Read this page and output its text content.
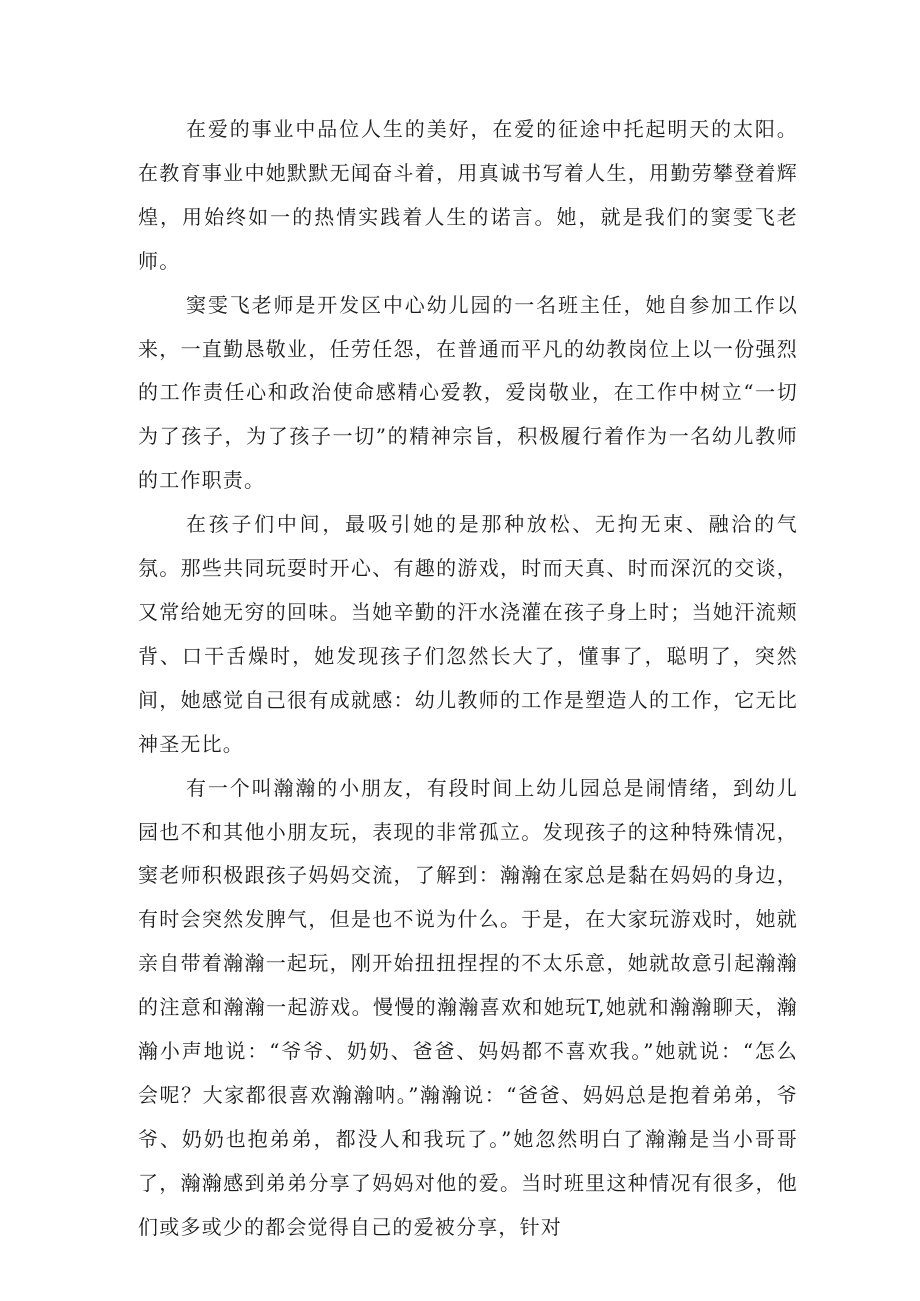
在爱的事业中品位人生的美好，在爱的征途中托起明天的太阳。在教育事业中她默默无闻奋斗着，用真诚书写着人生，用勤劳攀登着辉煌，用始终如一的热情实践着人生的诺言。她，就是我们的窦雯飞老师。

窦雯飞老师是开发区中心幼儿园的一名班主任，她自参加工作以来，一直勤恳敬业，任劳任怨，在普通而平凡的幼教岗位上以一份强烈的工作责任心和政治使命感精心爱教，爱岗敬业，在工作中树立“一切为了孩子，为了孩子一切”的精神宗旨，积极履行着作为一名幼儿教师的工作职责。

在孩子们中间，最吸引她的是那种放松、无拘无束、融洽的气氛。那些共同玩耍时开心、有趣的游戏，时而天真、时而深沉的交谈，又常给她无穷的回味。当她辛勤的汗水浇灌在孩子身上时；当她汗流颊背、口干舌燥时，她发现孩子们忽然长大了，懂事了，聪明了，突然间，她感觉自己很有成就感：幼儿教师的工作是塑造人的工作，它无比神圣无比。

有一个叫瀚瀚的小朋友，有段时间上幼儿园总是闹情绪，到幼儿园也不和其他小朋友玩，表现的非常孤立。发现孩子的这种特殊情况，窦老师积极跟孩子妈妈交流，了解到：瀚瀚在家总是黏在妈妈的身边，有时会突然发脾气，但是也不说为什么。于是，在大家玩游戏时，她就亲自带着瀚瀚一起玩，刚开始扭扭捏捏的不太乐意，她就故意引起瀚瀚的注意和瀚瀚一起游戏。慢慢的瀚瀚喜欢和她玩T,她就和瀚瀚聊天，瀚瀚小声地说：“爷爷、奶奶、爸爸、妈妈都不喜欢我。”她就说：“怎么会呢？大家都很喜欢瀚瀚呐。”瀚瀚说：“爸爸、妈妈总是抱着弟弟，爷爷、奶奶也抱弟弟，都没人和我玩了。”她忽然明白了瀚瀚是当小哥哥了，瀚瀚感到弟弟分享了妈妈对他的爱。当时班里这种情况有很多，他们或多或少的都会觉得自己的爱被分享，针对
